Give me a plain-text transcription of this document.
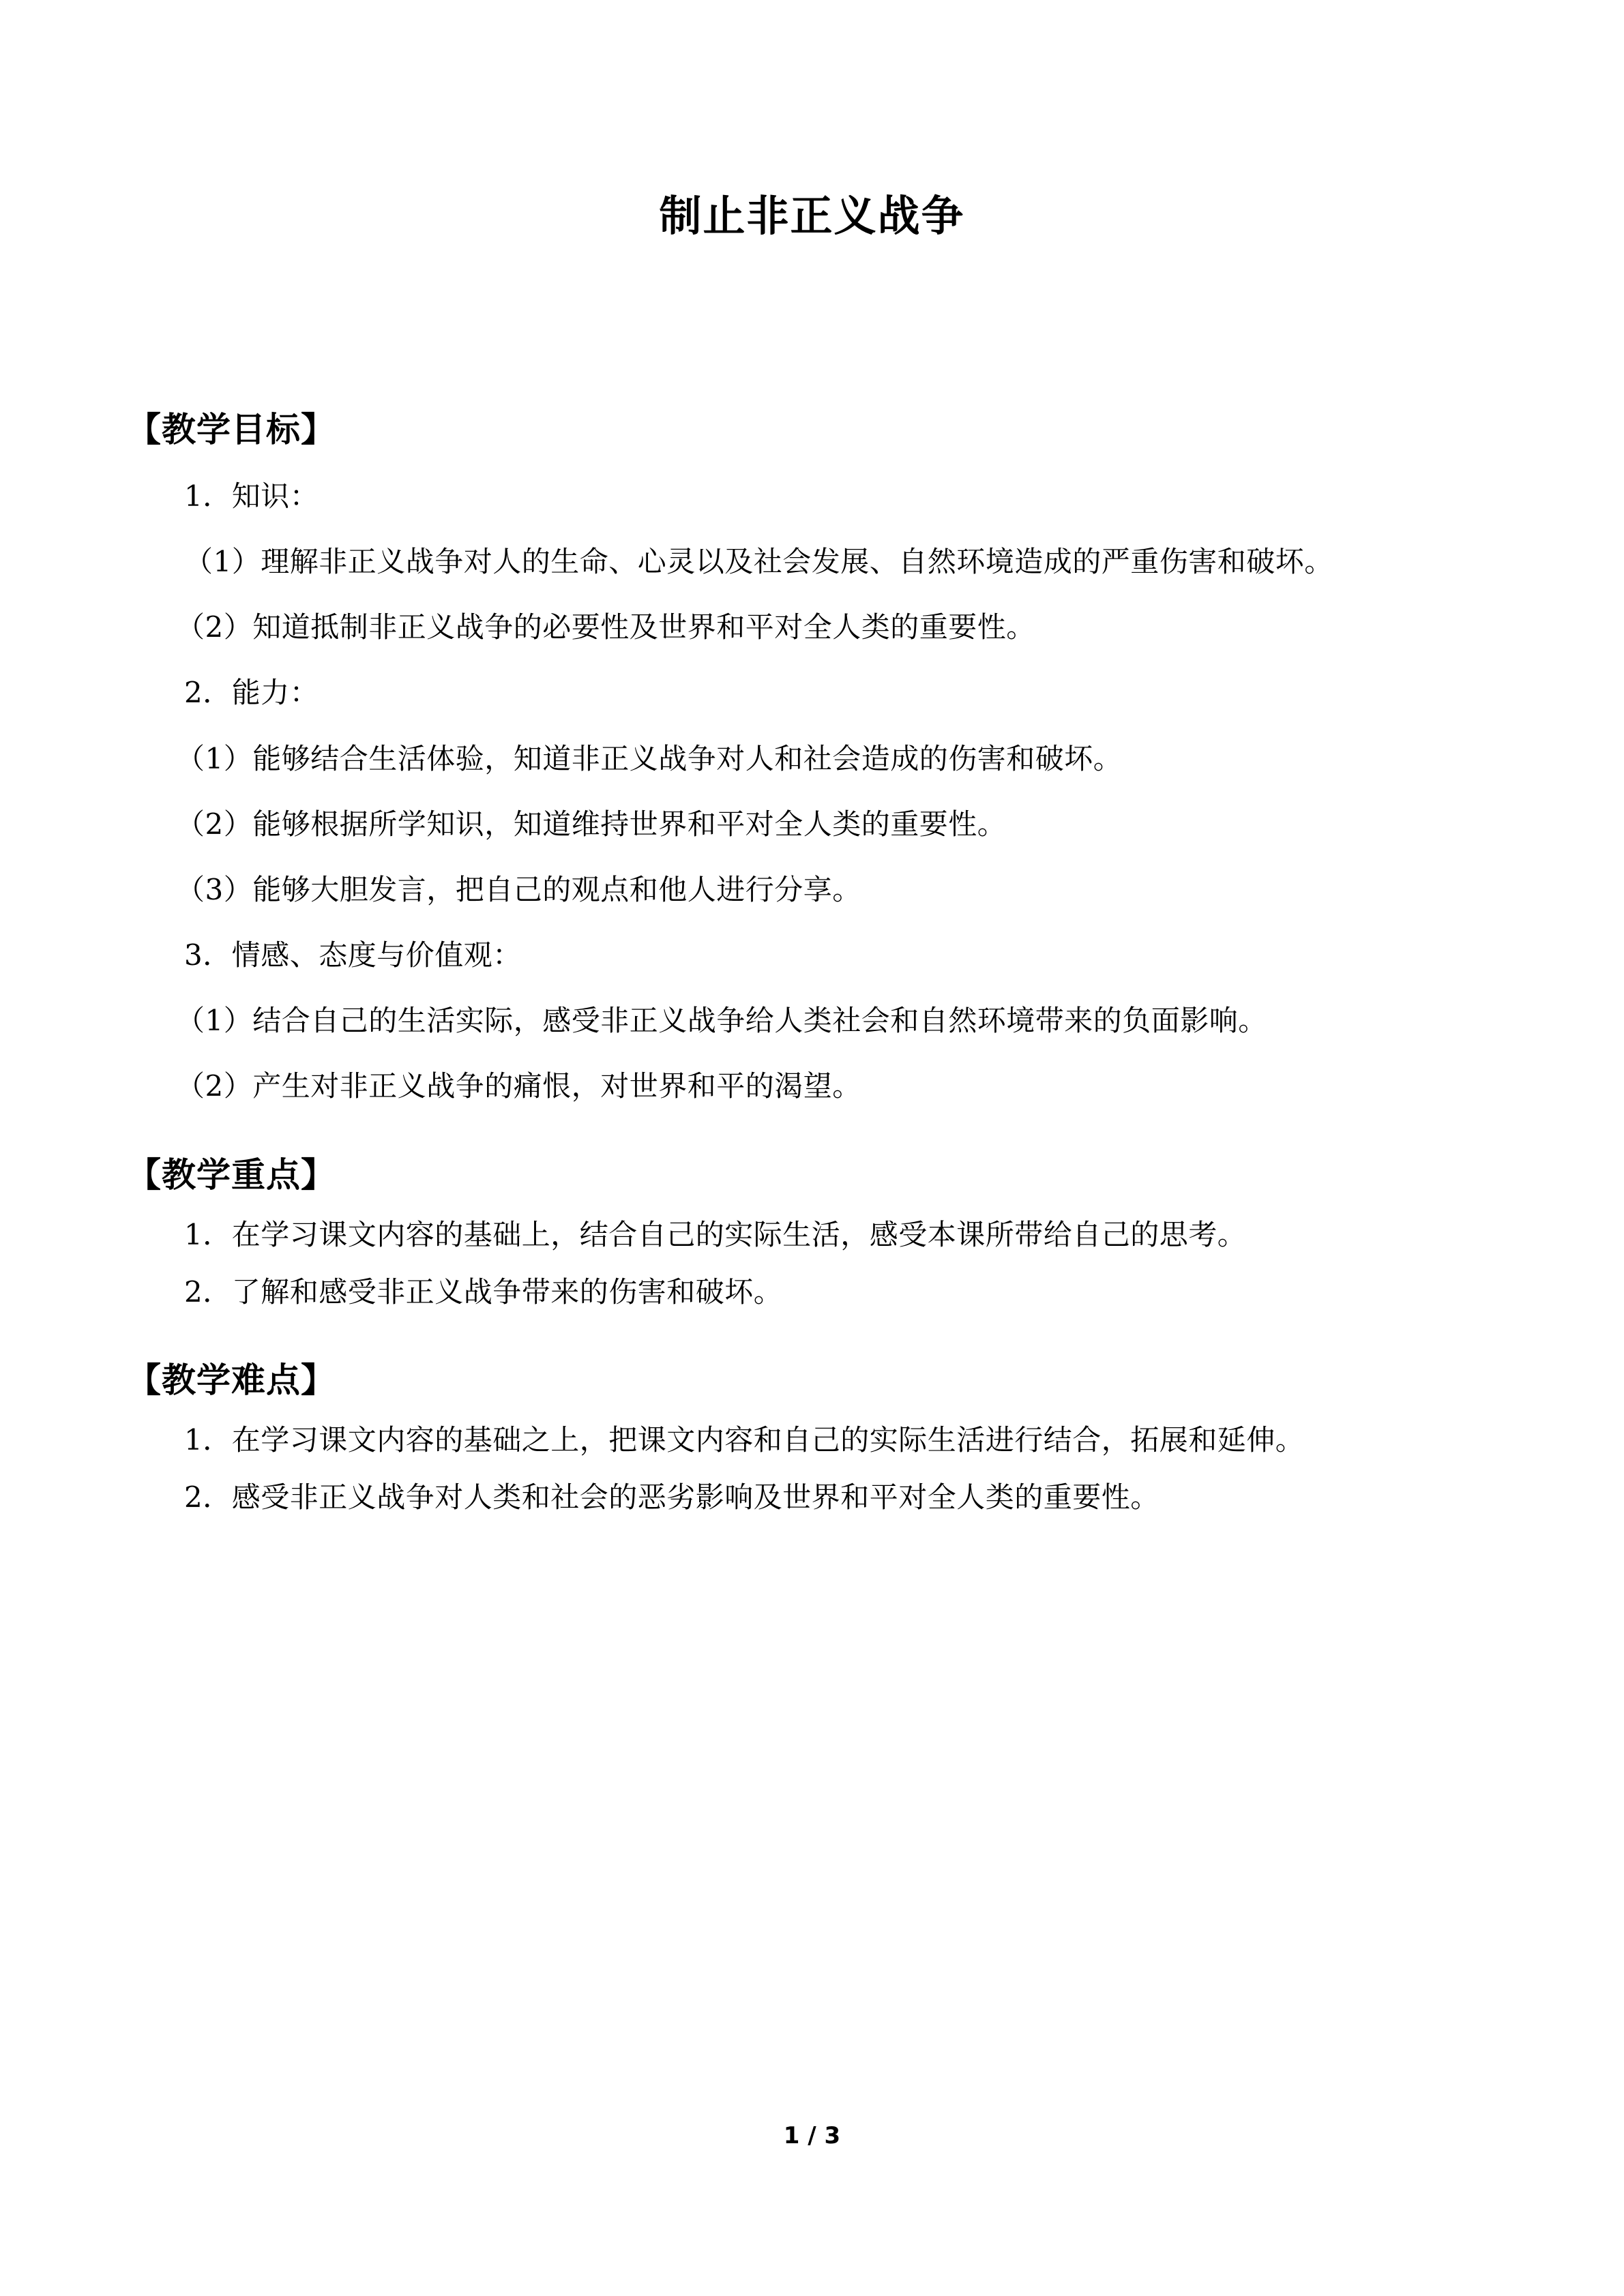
制止非正义战争
【教学目标】

1．知识：

（1）理解非正义战争对人的生命、心灵以及社会发展、自然环境造成的严重伤害和破坏。

（2）知道抵制非正义战争的必要性及世界和平对全人类的重要性。

2．能力：

（1）能够结合生活体验，知道非正义战争对人和社会造成的伤害和破坏。

（2）能够根据所学知识，知道维持世界和平对全人类的重要性。

（3）能够大胆发言，把自己的观点和他人进行分享。

3．情感、态度与价值观：

（1）结合自己的生活实际，感受非正义战争给人类社会和自然环境带来的负面影响。

（2）产生对非正义战争的痛恨，对世界和平的渴望。

【教学重点】

1．在学习课文内容的基础上，结合自己的实际生活，感受本课所带给自己的思考。

2．了解和感受非正义战争带来的伤害和破坏。

【教学难点】

1．在学习课文内容的基础之上，把课文内容和自己的实际生活进行结合，拓展和延伸。

2．感受非正义战争对人类和社会的恶劣影响及世界和平对全人类的重要性。

1 / 3
